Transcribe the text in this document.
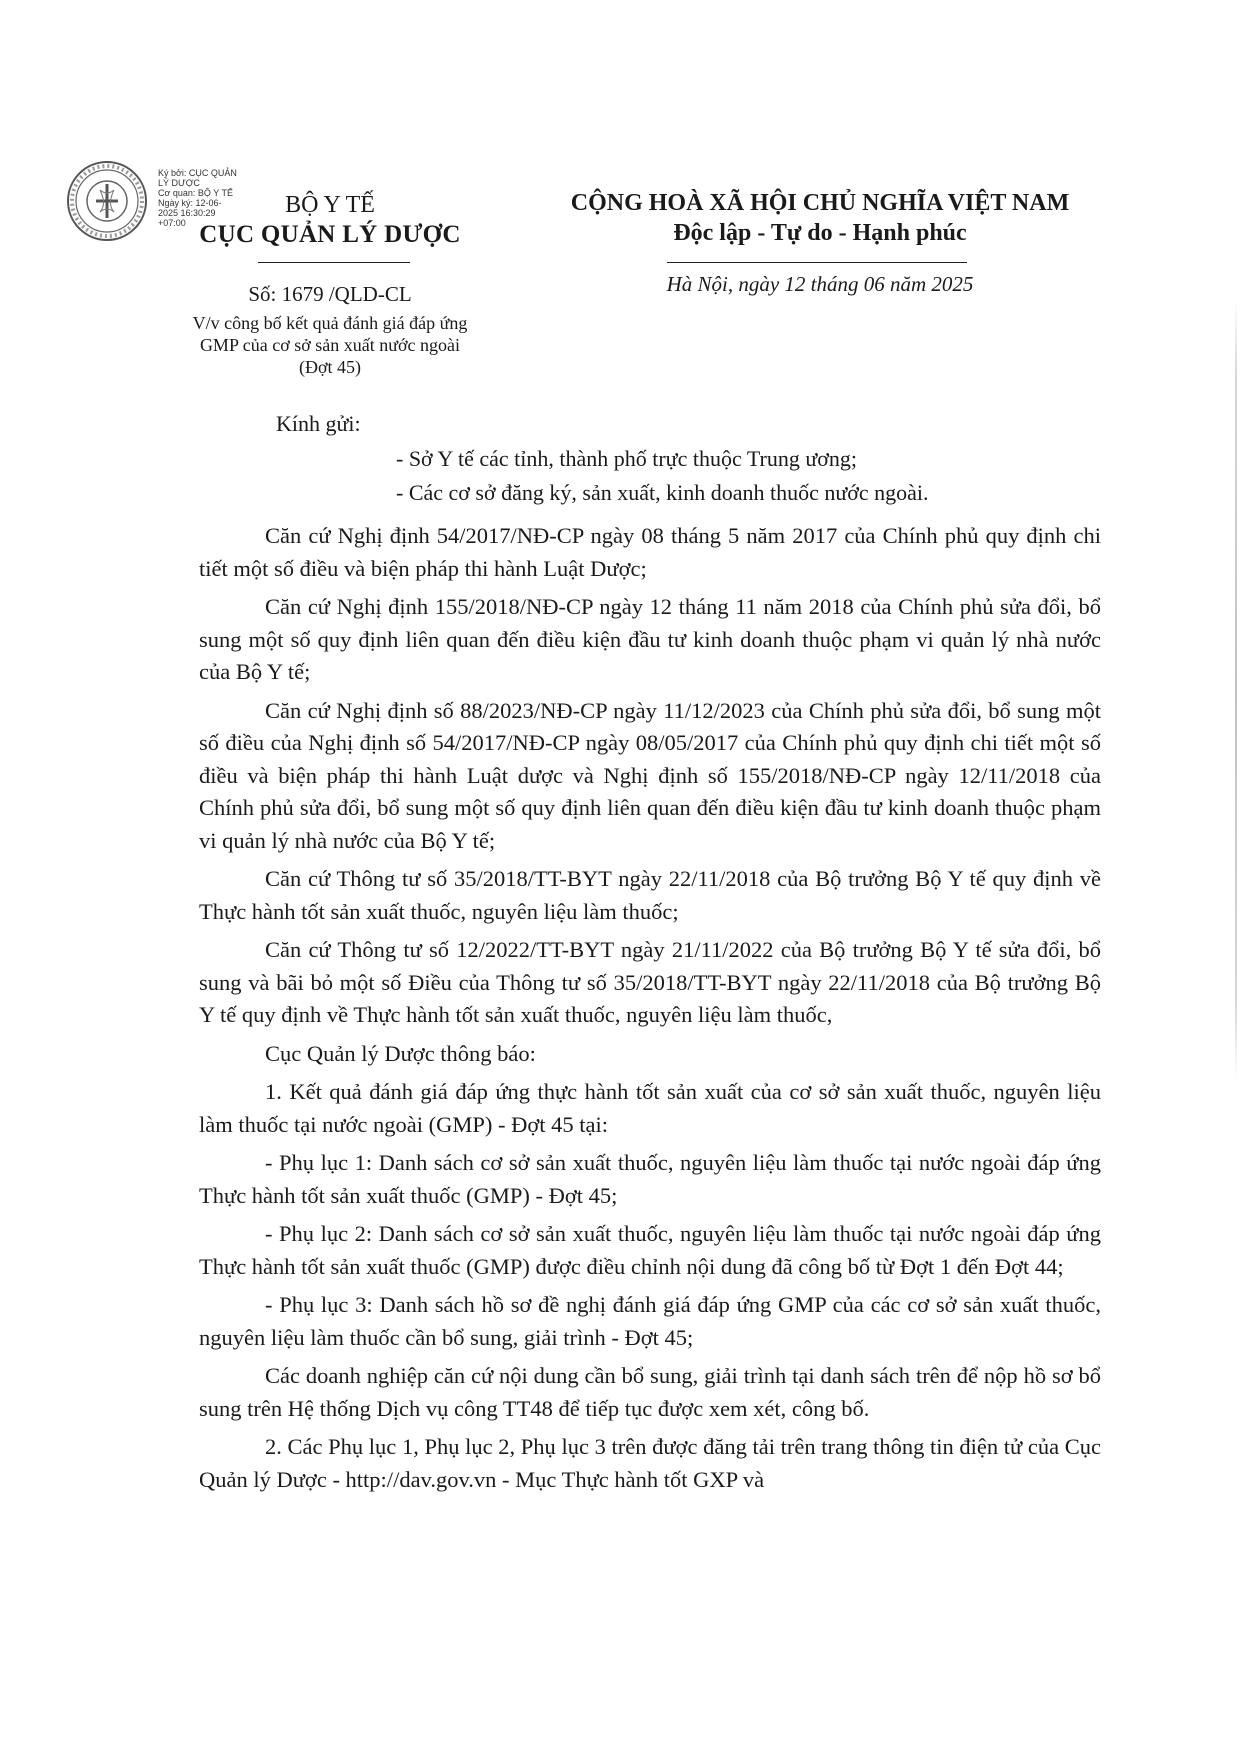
Ký bởi: CỤC QUẢN
LÝ DƯỢC
Cơ quan: BỘ Y TẾ
Ngày ký: 12-06-
2025 16:30:29
+07:00
BỘ Y TẾ
CỤC QUẢN LÝ DƯỢC
CỘNG HOÀ XÃ HỘI CHỦ NGHĨA VIỆT NAM
Độc lập - Tự do - Hạnh phúc
Số: 1679 /QLD-CL
V/v công bố kết quả đánh giá đáp ứng
GMP của cơ sở sản xuất nước ngoài
(Đợt 45)
Hà Nội, ngày 12 tháng 06 năm 2025
Kính gửi:
- Sở Y tế các tỉnh, thành phố trực thuộc Trung ương;
- Các cơ sở đăng ký, sản xuất, kinh doanh thuốc nước ngoài.

Căn cứ Nghị định 54/2017/NĐ-CP ngày 08 tháng 5 năm 2017 của Chính phủ quy định chi tiết một số điều và biện pháp thi hành Luật Dược;

Căn cứ Nghị định 155/2018/NĐ-CP ngày 12 tháng 11 năm 2018 của Chính phủ sửa đổi, bổ sung một số quy định liên quan đến điều kiện đầu tư kinh doanh thuộc phạm vi quản lý nhà nước của Bộ Y tế;

Căn cứ Nghị định số 88/2023/NĐ-CP ngày 11/12/2023 của Chính phủ sửa đổi, bổ sung một số điều của Nghị định số 54/2017/NĐ-CP ngày 08/05/2017 của Chính phủ quy định chi tiết một số điều và biện pháp thi hành Luật dược và Nghị định số 155/2018/NĐ-CP ngày 12/11/2018 của Chính phủ sửa đổi, bổ sung một số quy định liên quan đến điều kiện đầu tư kinh doanh thuộc phạm vi quản lý nhà nước của Bộ Y tế;

Căn cứ Thông tư số 35/2018/TT-BYT ngày 22/11/2018 của Bộ trưởng Bộ Y tế quy định về Thực hành tốt sản xuất thuốc, nguyên liệu làm thuốc;

Căn cứ Thông tư số 12/2022/TT-BYT ngày 21/11/2022 của Bộ trưởng Bộ Y tế sửa đổi, bổ sung và bãi bỏ một số Điều của Thông tư số 35/2018/TT-BYT ngày 22/11/2018 của Bộ trưởng Bộ Y tế quy định về Thực hành tốt sản xuất thuốc, nguyên liệu làm thuốc,

Cục Quản lý Dược thông báo:

1. Kết quả đánh giá đáp ứng thực hành tốt sản xuất của cơ sở sản xuất thuốc, nguyên liệu làm thuốc tại nước ngoài (GMP) - Đợt 45 tại:

- Phụ lục 1: Danh sách cơ sở sản xuất thuốc, nguyên liệu làm thuốc tại nước ngoài đáp ứng Thực hành tốt sản xuất thuốc (GMP) - Đợt 45;

- Phụ lục 2: Danh sách cơ sở sản xuất thuốc, nguyên liệu làm thuốc tại nước ngoài đáp ứng Thực hành tốt sản xuất thuốc (GMP) được điều chỉnh nội dung đã công bố từ Đợt 1 đến Đợt 44;

- Phụ lục 3: Danh sách hồ sơ đề nghị đánh giá đáp ứng GMP của các cơ sở sản xuất thuốc, nguyên liệu làm thuốc cần bổ sung, giải trình - Đợt 45;

Các doanh nghiệp căn cứ nội dung cần bổ sung, giải trình tại danh sách trên để nộp hồ sơ bổ sung trên Hệ thống Dịch vụ công TT48 để tiếp tục được xem xét, công bố.

2. Các Phụ lục 1, Phụ lục 2, Phụ lục 3 trên được đăng tải trên trang thông tin điện tử của Cục Quản lý Dược - http://dav.gov.vn - Mục Thực hành tốt GXP và
